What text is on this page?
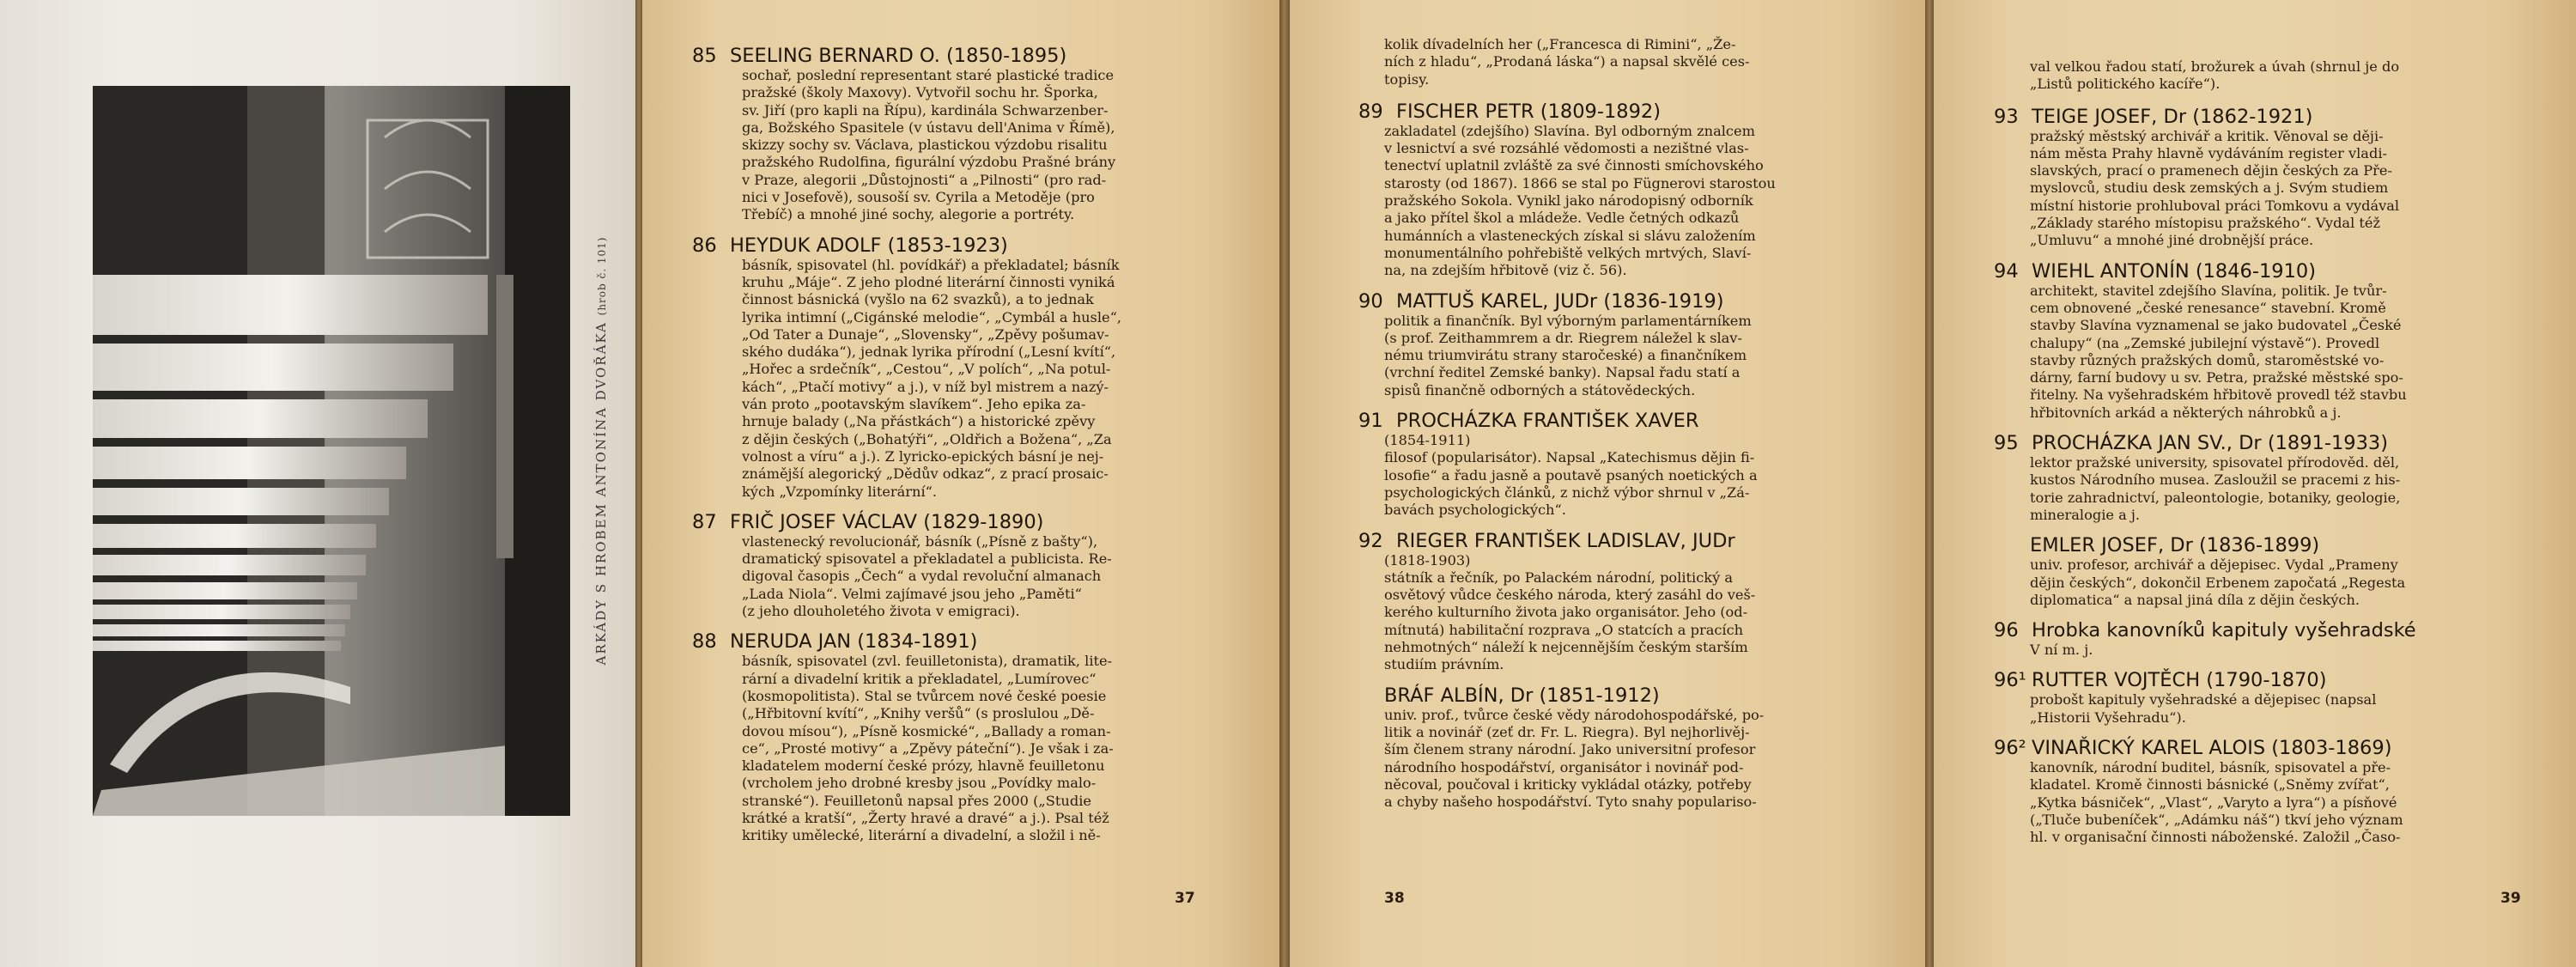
ARKÁDY S HROBEM ANTONÍNA DVOŘÁKA (hrob č. 101)
85 SEELING BERNARD O. (1850-1895)
sochař, poslední representant staré plastické tradice
pražské (školy Maxovy). Vytvořil sochu hr. Šporka,
sv. Jiří (pro kapli na Řípu), kardinála Schwarzenber-
ga, Božského Spasitele (v ústavu dell'Anima v Římě),
skizzy sochy sv. Václava, plastickou výzdobu risalitu
pražského Rudolfina, figurální výzdobu Prašné brány
v Praze, alegorii „Důstojnosti“ a „Pilnosti“ (pro rad-
nici v Josefově), sousoší sv. Cyrila a Metoděje (pro
Třebíč) a mnohé jiné sochy, alegorie a portréty.
86 HEYDUK ADOLF (1853-1923)
básník, spisovatel (hl. povídkář) a překladatel; básník
kruhu „Máje“. Z jeho plodné literární činnosti vyniká
činnost básnická (vyšlo na 62 svazků), a to jednak
lyrika intimní („Cigánské melodie“, „Cymbál a husle“,
„Od Tater a Dunaje“, „Slovensky“, „Zpěvy pošumav-
ského dudáka“), jednak lyrika přírodní („Lesní kvítí“,
„Hořec a srdečník“, „Cestou“, „V polích“, „Na potul-
kách“, „Ptačí motivy“ a j.), v níž byl mistrem a nazý-
ván proto „pootavským slavíkem“. Jeho epika za-
hrnuje balady („Na přástkách“) a historické zpěvy
z dějin českých („Bohatýři“, „Oldřich a Božena“, „Za
volnost a víru“ a j.). Z lyricko-epických básní je nej-
známější alegorický „Dědův odkaz“, z prací prosaic-
kých „Vzpomínky literární“.
87 FRIČ JOSEF VÁCLAV (1829-1890)
vlastenecký revolucionář, básník („Písně z bašty“),
dramatický spisovatel a překladatel a publicista. Re-
digoval časopis „Čech“ a vydal revoluční almanach
„Lada Niola“. Velmi zajímavé jsou jeho „Paměti“
(z jeho dlouholetého života v emigraci).
88 NERUDA JAN (1834-1891)
básník, spisovatel (zvl. feuilletonista), dramatik, lite-
rární a divadelní kritik a překladatel, „Lumírovec“
(kosmopolitista). Stal se tvůrcem nové české poesie
(„Hřbitovní kvítí“, „Knihy veršů“ (s proslulou „Dě-
dovou mísou“), „Písně kosmické“, „Ballady a roman-
ce“, „Prosté motivy“ a „Zpěvy páteční“). Je však i za-
kladatelem moderní české prózy, hlavně feuilletonu
(vrcholem jeho drobné kresby jsou „Povídky malo-
stranské“). Feuilletonů napsal přes 2000 („Studie
krátké a kratší“, „Žerty hravé a dravé“ a j.). Psal též
kritiky umělecké, literární a divadelní, a složil i ně-
37
kolik dívadelních her („Francesca di Rimini“, „Že-
ních z hladu“, „Prodaná láska“) a napsal skvělé ces-
topisy.
89 FISCHER PETR (1809-1892)
zakladatel (zdejšího) Slavína. Byl odborným znalcem
v lesnictví a své rozsáhlé vědomosti a nezištné vlas-
tenectví uplatnil zvláště za své činnosti smíchovského
starosty (od 1867). 1866 se stal po Fügnerovi starostou
pražského Sokola. Vynikl jako národopisný odborník
a jako přítel škol a mládeže. Vedle četných odkazů
humánních a vlasteneckých získal si slávu založením
monumentálního pohřebiště velkých mrtvých, Slaví-
na, na zdejším hřbitově (viz č. 56).
90 MATTUŠ KAREL, JUDr (1836-1919)
politik a finančník. Byl výborným parlamentárníkem
(s prof. Zeithammrem a dr. Riegrem náležel k slav-
nému triumvirátu strany staročeské) a finančníkem
(vrchní ředitel Zemské banky). Napsal řadu statí a
spisů finančně odborných a státovědeckých.
91 PROCHÁZKA FRANTIŠEK XAVER
(1854-1911)
filosof (popularisátor). Napsal „Katechismus dějin fi-
losofie“ a řadu jasně a poutavě psaných noetických a
psychologických článků, z nichž výbor shrnul v „Zá-
bavách psychologických“.
92 RIEGER FRANTIŠEK LADISLAV, JUDr
(1818-1903)
státník a řečník, po Palackém národní, politický a
osvětový vůdce českého národa, který zasáhl do veš-
kerého kulturního života jako organisátor. Jeho (od-
mítnutá) habilitační rozprava „O statcích a pracích
nehmotných“ náleží k nejcennějším českým starším
studiím právním.
BRÁF ALBÍN, Dr (1851-1912)
univ. prof., tvůrce české vědy národohospodářské, po-
litik a novinář (zeť dr. Fr. L. Riegra). Byl nejhorlivěj-
ším členem strany národní. Jako universitní profesor
národního hospodářství, organisátor i novinář pod-
něcoval, poučoval i kriticky vykládal otázky, potřeby
a chyby našeho hospodářství. Tyto snahy popularisо-
38
val velkou řadou statí, brožurek a úvah (shrnul je do
„Listů politického kacíře“).
93 TEIGE JOSEF, Dr (1862-1921)
pražský městský archivář a kritik. Věnoval se ději-
nám města Prahy hlavně vydáváním register vladi-
slavských, prací o pramenech dějin českých za Pře-
myslovců, studiu desk zemských a j. Svým studiem
místní historie prohluboval práci Tomkovu a vydával
„Základy starého místopisu pražského“. Vydal též
„Umluvu“ a mnohé jiné drobnější práce.
94 WIEHL ANTONÍN (1846-1910)
architekt, stavitel zdejšího Slavína, politik. Je tvůr-
cem obnovené „české renesance“ stavební. Kromě
stavby Slavína vyznamenal se jako budovatel „České
chalupy“ (na „Zemské jubilejní výstavě“). Provedl
stavby různých pražských domů, staroměstské vo-
dárny, farní budovy u sv. Petra, pražské městské spo-
řitelny. Na vyšehradském hřbitově provedl též stavbu
hřbitovních arkád a některých náhrobků a j.
95 PROCHÁZKA JAN SV., Dr (1891-1933)
lektor pražské university, spisovatel přírodověd. děl,
kustos Národního musea. Zasloužil se pracemi z his-
torie zahradnictví, paleontologie, botaniky, geologie,
mineralogie a j.
EMLER JOSEF, Dr (1836-1899)
univ. profesor, archivář a dějepisec. Vydal „Prameny
dějin českých“, dokončil Erbenem započatá „Regesta
diplomatica“ a napsal jiná díla z dějin českých.
96 Hrobka kanovníků kapituly vyšehradské
V ní m. j.
96¹ RUTTER VOJTĚCH (1790-1870)
probošt kapituly vyšehradské a dějepisec (napsal
„Historii Vyšehradu“).
96² VINAŘICKÝ KAREL ALOIS (1803-1869)
kanovník, národní buditel, básník, spisovatel a pře-
kladatel. Kromě činnosti básnické („Sněmy zvířat“,
„Kytka básniček“, „Vlast“, „Varyto a lyra“) a písňové
(„Tluče bubeníček“, „Adámku náš“) tkví jeho význam
hl. v organisační činnosti náboženské. Založil „Časo-
39
